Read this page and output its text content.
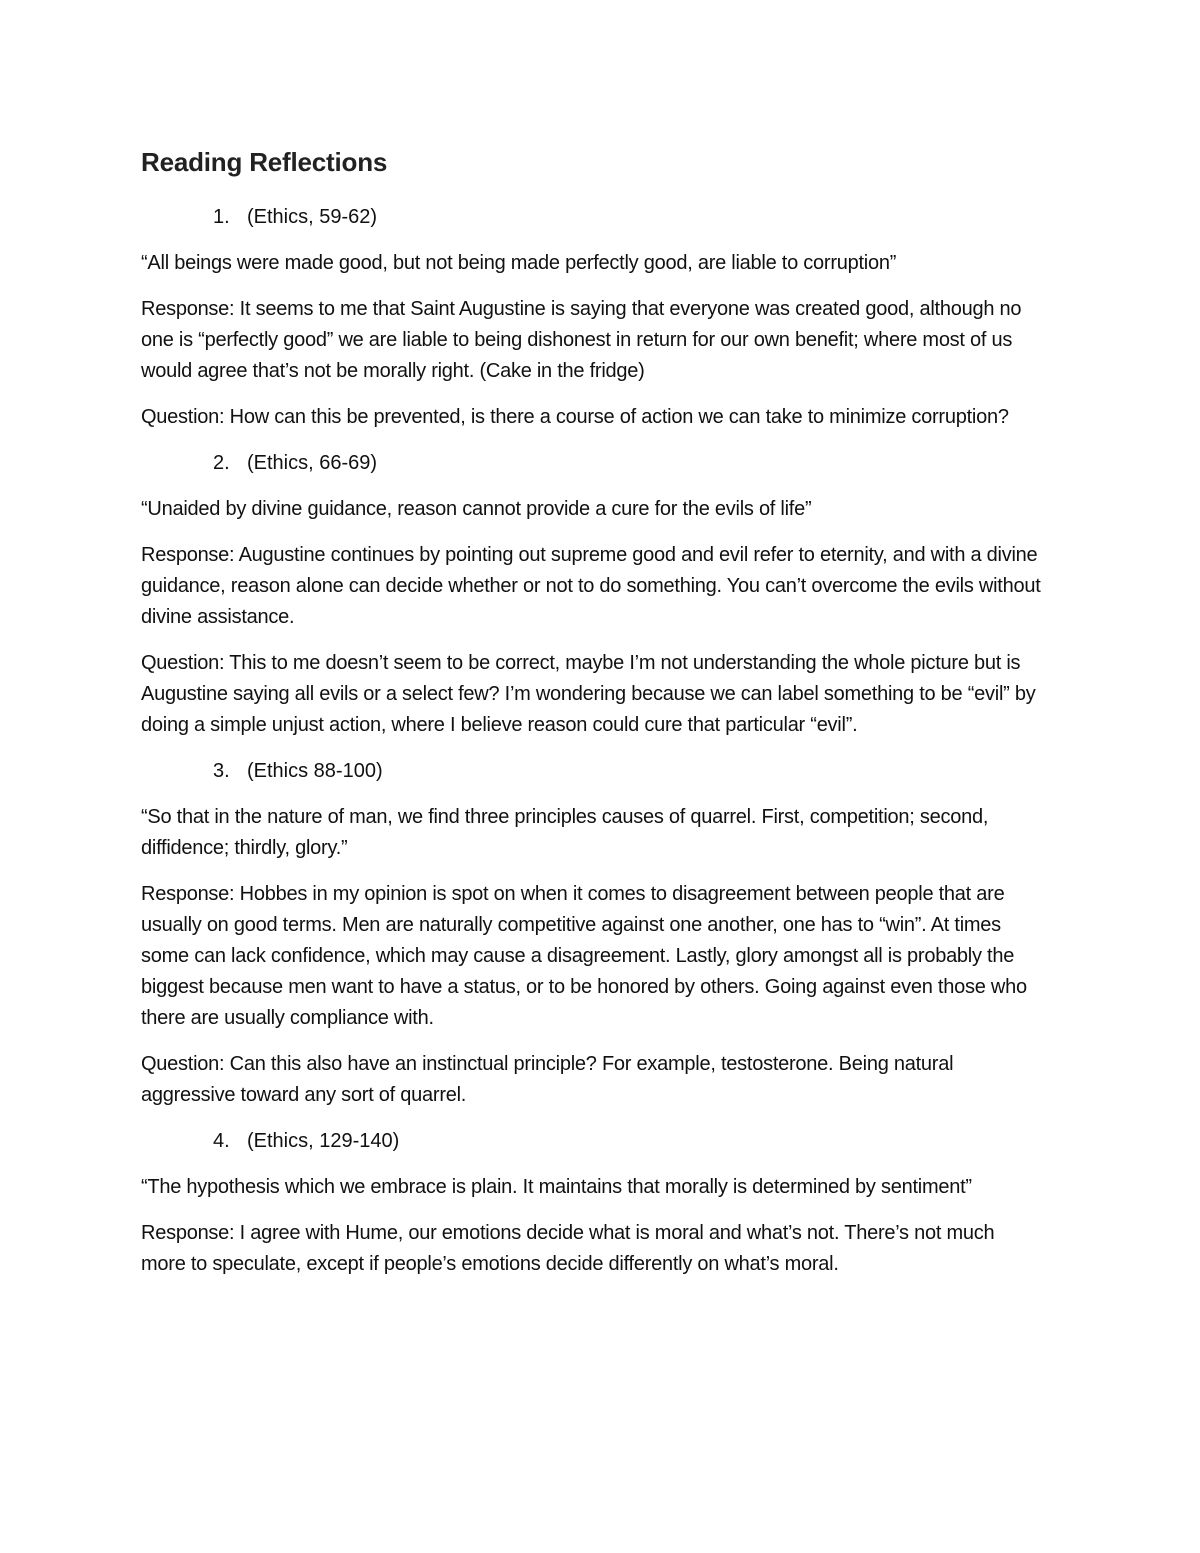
Reading Reflections
1. (Ethics, 59-62)

“All beings were made good, but not being made perfectly good, are liable to corruption”

Response: It seems to me that Saint Augustine is saying that everyone was created good, although no one is “perfectly good” we are liable to being dishonest in return for our own benefit; where most of us would agree that’s not be morally right. (Cake in the fridge)

Question: How can this be prevented, is there a course of action we can take to minimize corruption?

2. (Ethics, 66-69)

“Unaided by divine guidance, reason cannot provide a cure for the evils of life”

Response: Augustine continues by pointing out supreme good and evil refer to eternity, and with a divine guidance, reason alone can decide whether or not to do something. You can’t overcome the evils without divine assistance.

Question: This to me doesn’t seem to be correct, maybe I’m not understanding the whole picture but is Augustine saying all evils or a select few? I’m wondering because we can label something to be “evil” by doing a simple unjust action, where I believe reason could cure that particular “evil”.

3. (Ethics 88-100)

“So that in the nature of man, we find three principles causes of quarrel. First, competition; second, diffidence; thirdly, glory.”

Response: Hobbes in my opinion is spot on when it comes to disagreement between people that are usually on good terms. Men are naturally competitive against one another, one has to “win”. At times some can lack confidence, which may cause a disagreement. Lastly, glory amongst all is probably the biggest because men want to have a status, or to be honored by others. Going against even those who there are usually compliance with.

Question: Can this also have an instinctual principle? For example, testosterone. Being natural aggressive toward any sort of quarrel.

4. (Ethics, 129-140)

“The hypothesis which we embrace is plain. It maintains that morally is determined by sentiment”

Response: I agree with Hume, our emotions decide what is moral and what’s not. There’s not much more to speculate, except if people’s emotions decide differently on what’s moral.
